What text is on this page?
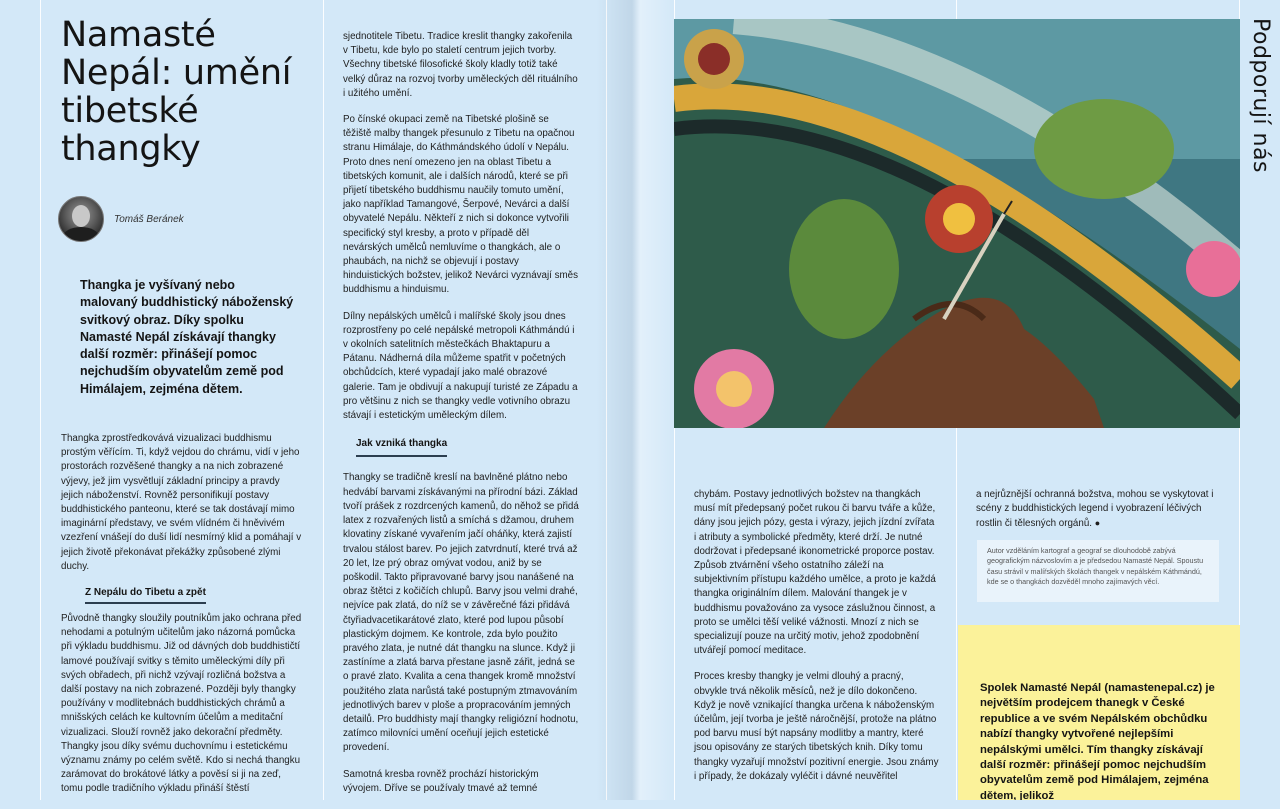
Namasté Nepál: umění tibetské thangky
Tomáš Beránek
Thangka je vyšívaný nebo malovaný buddhistický náboženský svitkový obraz. Díky spolku Namasté Nepál získávají thangky další rozměr: přinášejí pomoc nejchudším obyvatelům země pod Himálajem, zejména dětem.

Thangka zprostředkovává vizualizaci buddhismu prostým věřícím. Ti, když vejdou do chrámu, vidí v jeho prostorách rozvěšené thangky a na nich zobrazené výjevy, jež jim vysvětlují základní principy a pravdy jejich náboženství. Rovněž personifikují postavy buddhistického panteonu, které se tak dostávají mimo imaginární představy, ve svém vlídném či hněvivém vzezření vnášejí do duší lidí nesmírný klid a pomáhají v jejich životě překonávat překážky způsobené zlými duchy.

Z Nepálu do Tibetu a zpět

Původně thangky sloužily poutníkům jako ochrana před nehodami a potulným učitelům jako názorná pomůcka při výkladu buddhismu. Již od dávných dob buddhističtí lamové používají svitky s těmito uměleckými díly při svých obřadech, při nichž vzývají rozličná božstva a další postavy na nich zobrazené. Později byly thangky používány v modlitebnách buddhistických chrámů a mnišských celách ke kultovním účelům a meditační vizualizaci. Slouží rovněž jako dekorační předměty. Thangky jsou díky svému duchovnímu i estetickému významu známy po celém světě. Kdo si nechá thangku zarámovat do brokátové látky a pověsí si ji na zeď, tomu podle tradičního výkladu přináší štěstí

sjednotitele Tibetu. Tradice kreslit thangky zakořenila v Tibetu, kde bylo po staletí centrum jejich tvorby. Všechny tibetské filosofické školy kladly totiž také velký důraz na rozvoj tvorby uměleckých děl rituálního i užitého umění.

Po čínské okupaci země na Tibetské plošině se těžiště malby thangek přesunulo z Tibetu na opačnou stranu Himálaje, do Káthmándského údolí v Nepálu. Proto dnes není omezeno jen na oblast Tibetu a tibetských komunit, ale i dalších národů, které se při přijetí tibetského buddhismu naučily tomuto umění, jako například Tamangové, Šerpové, Nevárci a další obyvatelé Nepálu. Někteří z nich si dokonce vytvořili specifický styl kresby, a proto v případě děl nevárských umělců nemluvíme o thangkách, ale o phaubách, na nichž se objevují i postavy hinduistických božstev, jelikož Nevárci vyznávají směs buddhismu a hinduismu.

Dílny nepálských umělců i malířské školy jsou dnes rozprostřeny po celé nepálské metropoli Káthmándú i v okolních satelitních městečkách Bhaktapuru a Pátanu. Nádherná díla můžeme spatřit v početných obchůdcích, které vypadají jako malé obrazové galerie. Tam je obdivují a nakupují turisté ze Západu a pro většinu z nich se thangky vedle votivního obrazu stávají i estetickým uměleckým dílem.

Jak vzniká thangka

Thangky se tradičně kreslí na bavlněné plátno nebo hedvábí barvami získávanými na přírodní bázi. Základ tvoří prášek z rozdrcených kamenů, do něhož se přidá latex z rozvařených listů a smíchá s džamou, druhem klovatiny získané vyvařením jačí oháňky, která zajistí trvalou stálost barev. Po jejich zatvrdnutí, které trvá až 20 let, lze prý obraz omývat vodou, aniž by se poškodil. Takto připravované barvy jsou nanášené na obraz štětci z kočičích chlupů. Barvy jsou velmi drahé, nejvíce pak zlatá, do níž se v závěrečné fázi přidává čtyřiadvacetikarátové zlato, které pod lupou působí plastickým dojmem. Ke kontrole, zda bylo použito pravého zlata, je nutné dát thangku na slunce. Když ji zastíníme a zlatá barva přestane jasně zářit, jedná se o pravé zlato. Kvalita a cena thangek kromě množství použitého zlata narůstá také postupným ztmavováním jednotlivých barev v ploše a propracováním jemných detailů. Pro buddhisty mají thangky religiózní hodnotu, zatímco milovníci umění oceňují jejich estetické provedení.

Samotná kresba rovněž prochází historickým vývojem. Dříve se používaly tmavé až temné

Podporují nás

chybám. Postavy jednotlivých božstev na thangkách musí mít předepsaný počet rukou či barvu tváře a kůže, dány jsou jejich pózy, gesta i výrazy, jejich jízdní zvířata i atributy a symbolické předměty, které drží. Je nutné dodržovat i předepsané ikonometrické proporce postav. Způsob ztvárnění všeho ostatního záleží na subjektivním přístupu každého umělce, a proto je každá thangka originálním dílem. Malování thangek je v buddhismu považováno za vysoce záslužnou činnost, a proto se umělci těší veliké vážnosti. Mnozí z nich se specializují pouze na určitý motiv, jehož zpodobnění utvářejí pomocí meditace.

Proces kresby thangky je velmi dlouhý a pracný, obvykle trvá několik měsíců, než je dílo dokončeno. Když je nově vznikající thangka určena k náboženským účelům, její tvorba je ještě náročnější, protože na plátno pod barvu musí být napsány modlitby a mantry, které jsou opisovány ze starých tibetských knih. Díky tomu thangky vyzařují množství pozitivní energie. Jsou známy i případy, že dokázaly vyléčit i dávné neuvěřitel

a nejrůznější ochranná božstva, mohou se vyskytovat i scény z buddhistických legend i vyobrazení léčivých rostlin či tělesných orgánů. ●

Autor vzděláním kartograf a geograf se dlouhodobě zabývá geografickým názvoslovím a je předsedou Namasté Nepál. Spoustu času strávil v malířských školách thangek v nepálském Káthmándú, kde se o thangkách dozvěděl mnoho zajímavých věcí.
Spolek Namasté Nepál (namastenepal.cz) je největším prodejcem thanegk v České republice a ve svém Nepálském obchůdku nabízí thangky vytvořené nejlepšími nepálskými umělci. Tím thangky získávají další rozměr: přinášejí pomoc nejchudším obyvatelům země pod Himálajem, zejména dětem, jelikož
